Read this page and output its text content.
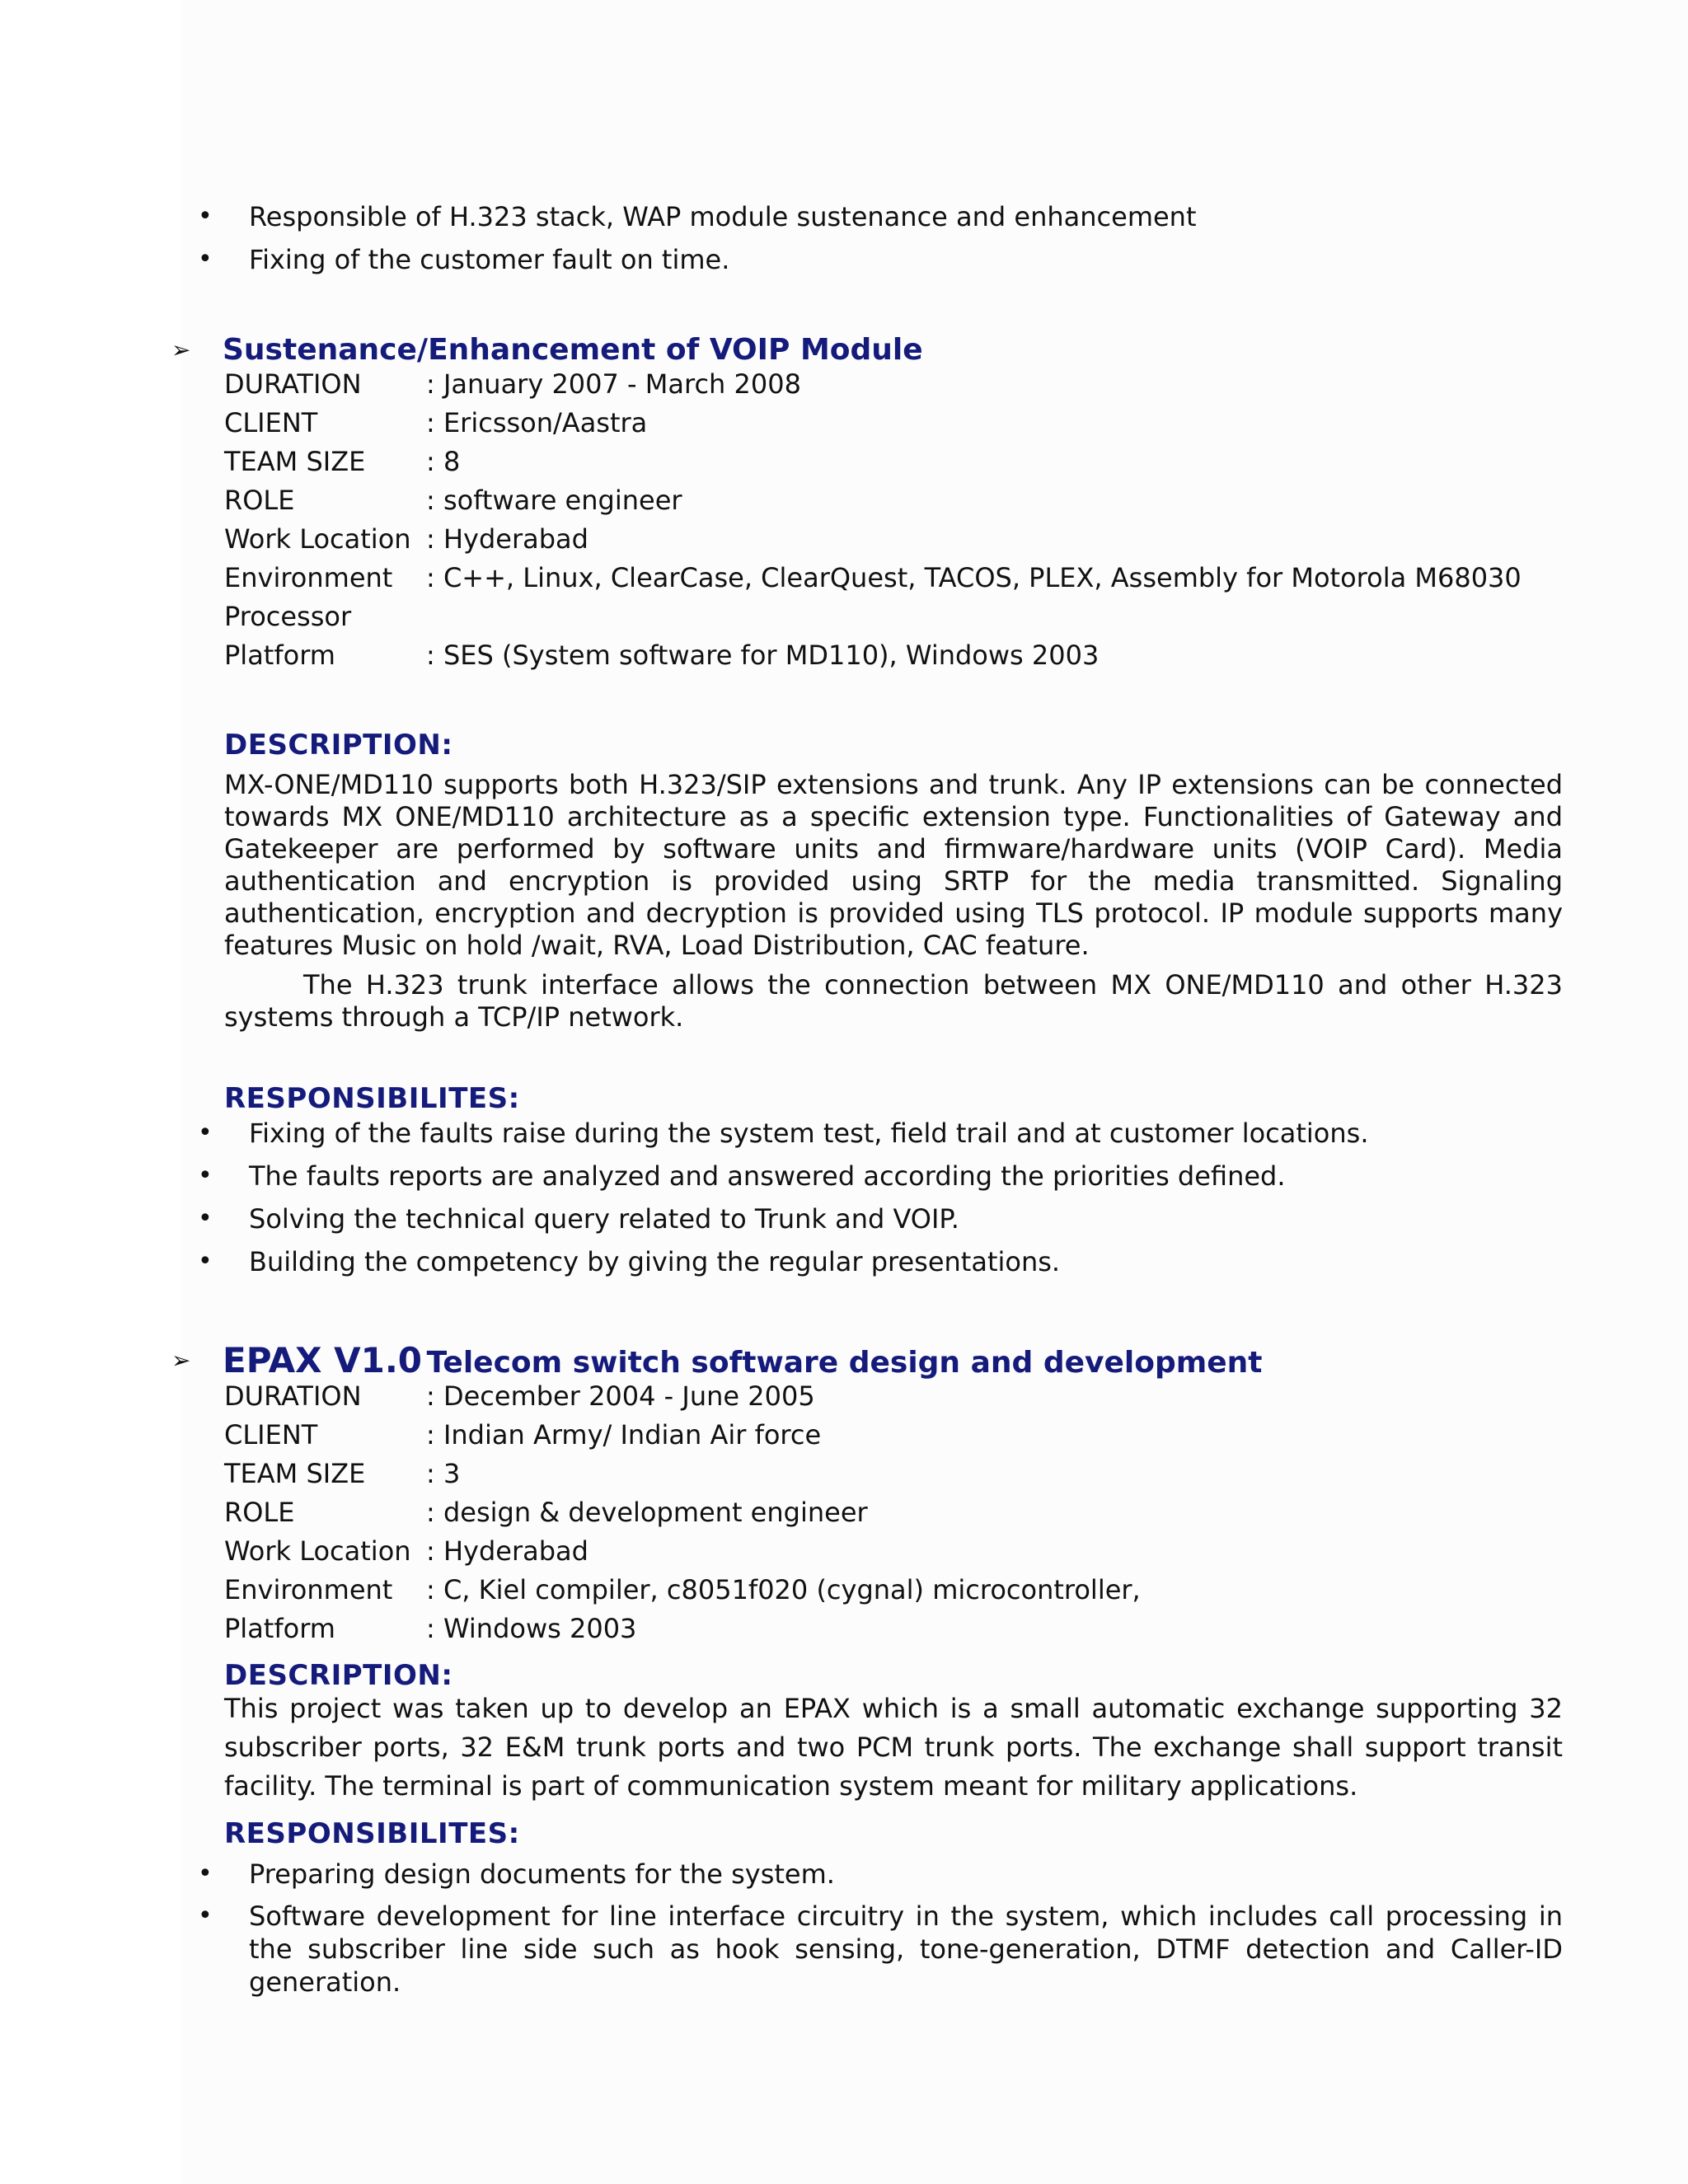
• Responsible of H.323 stack, WAP module sustenance and enhancement
• Fixing of the customer fault on time.
➢ Sustenance/Enhancement of VOIP Module
DURATION : January 2007 - March 2008
CLIENT	: Ericsson/Aastra
TEAM SIZE : 8
ROLE	: software engineer
Work Location : Hyderabad
Environment : C++, Linux, ClearCase, ClearQuest, TACOS, PLEX, Assembly for Motorola M68030
Processor
Platform	: SES (System software for MD110), Windows 2003
DESCRIPTION:
MX-ONE/MD110 supports both H.323/SIP extensions and trunk. Any IP extensions can be connected towards MX ONE/MD110 architecture as a specific extension type. Functionalities of Gateway and Gatekeeper are performed by software units and firmware/hardware units (VOIP Card). Media authentication and encryption is provided using SRTP for the media transmitted. Signaling authentication, encryption and decryption is provided using TLS protocol. IP module supports many features Music on hold /wait, RVA, Load Distribution, CAC feature.
The H.323 trunk interface allows the connection between MX ONE/MD110 and other H.323 systems through a TCP/IP network.
RESPONSIBILITES:
• Fixing of the faults raise during the system test, field trail and at customer locations.
• The faults reports are analyzed and answered according the priorities defined.
• Solving the technical query related to Trunk and VOIP.
• Building the competency by giving the regular presentations.
➢ EPAX V1.0 Telecom switch software design and development
DURATION : December 2004 - June 2005
CLIENT	: Indian Army/ Indian Air force
TEAM SIZE : 3
ROLE	: design & development engineer
Work Location : Hyderabad
Environment : C, Kiel compiler, c8051f020 (cygnal) microcontroller,
Platform	: Windows 2003
DESCRIPTION:
This project was taken up to develop an EPAX which is a small automatic exchange supporting 32 subscriber ports, 32 E&M trunk ports and two PCM trunk ports. The exchange shall support transit facility. The terminal is part of communication system meant for military applications.
RESPONSIBILITES:
• Preparing design documents for the system.
• Software development for line interface circuitry in the system, which includes call processing in the subscriber line side such as hook sensing, tone-generation, DTMF detection and Caller-ID generation.
